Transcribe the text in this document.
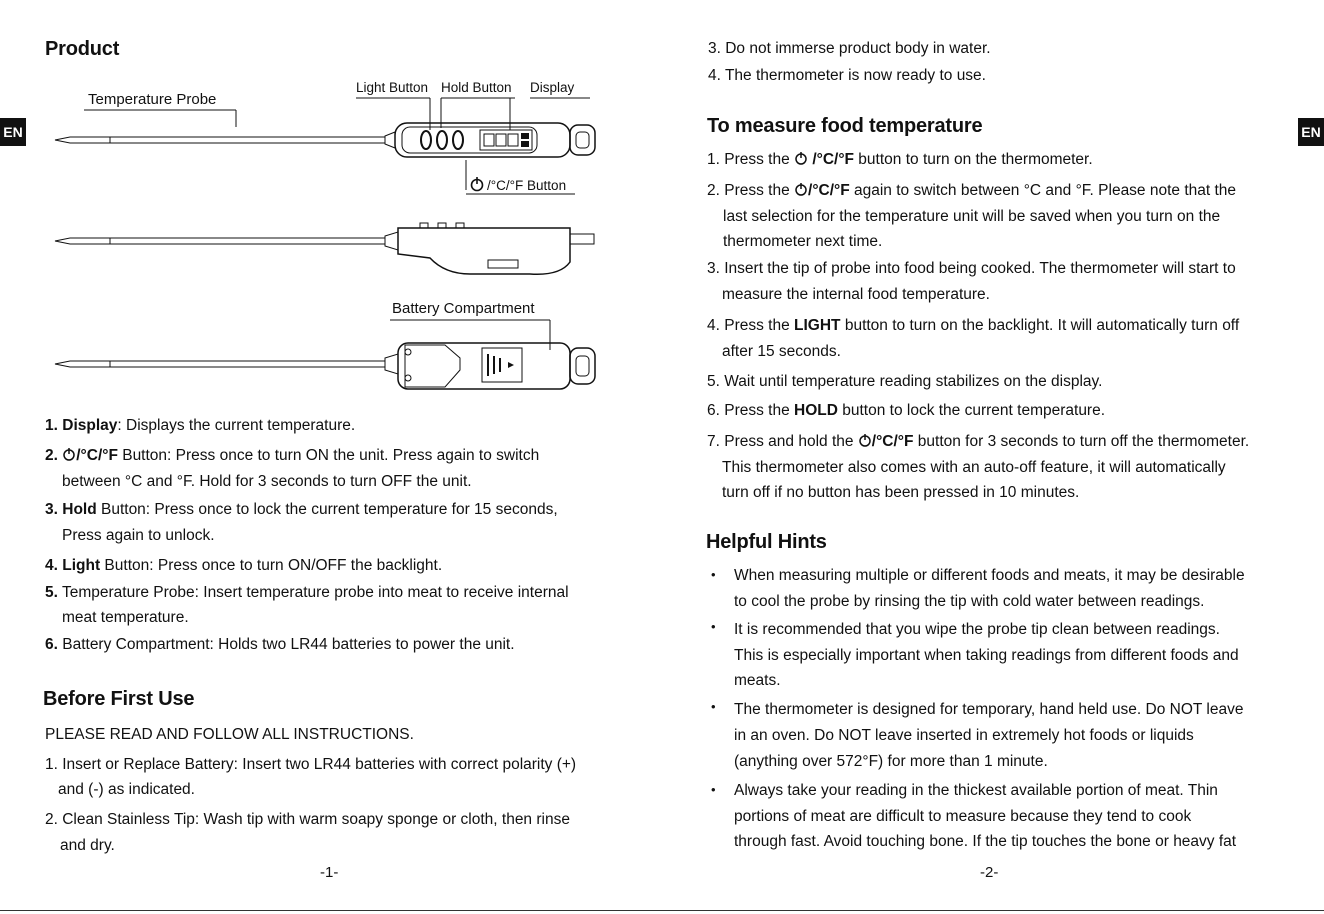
EN
Product
Temperature Probe
Light Button Hold Button Display
/°C/°F Button
Battery Compartment
1. Display: Displays the current temperature.
2. /°C/°F Button: Press once to turn ON the unit. Press again to switch
between °C and °F. Hold for 3 seconds to turn OFF the unit.
3. Hold Button: Press once to lock the current temperature for 15 seconds,
Press again to unlock.
4. Light Button: Press once to turn ON/OFF the backlight.
5. Temperature Probe: Insert temperature probe into meat to receive internal
meat temperature.
6. Battery Compartment: Holds two LR44 batteries to power the unit.
Before First Use
PLEASE READ AND FOLLOW ALL INSTRUCTIONS.
1. Insert or Replace Battery: Insert two LR44 batteries with correct polarity (+)
and (-) as indicated.
2. Clean Stainless Tip: Wash tip with warm soapy sponge or cloth, then rinse
and dry.
-1-
EN
3. Do not immerse product body in water.
4. The thermometer is now ready to use.
To measure food temperature
1. Press the  /°C/°F button to turn on the thermometer.
2. Press the /°C/°F again to switch between °C and °F. Please note that the
last selection for the temperature unit will be saved when you turn on the
thermometer next time.
3. Insert the tip of probe into food being cooked. The thermometer will start to
measure the internal food temperature.
4. Press the LIGHT button to turn on the backlight. It will automatically turn off
after 15 seconds.
5. Wait until temperature reading stabilizes on the display.
6. Press the HOLD button to lock the current temperature.
7. Press and hold the /°C/°F button for 3 seconds to turn off the thermometer.
This thermometer also comes with an auto-off feature, it will automatically
turn off if no button has been pressed in 10 minutes.
Helpful Hints
• When measuring multiple or different foods and meats, it may be desirable
to cool the probe by rinsing the tip with cold water between readings.
• It is recommended that you wipe the probe tip clean between readings.
This is especially important when taking readings from different foods and
meats.
• The thermometer is designed for temporary, hand held use. Do NOT leave
in an oven. Do NOT leave inserted in extremely hot foods or liquids
(anything over 572°F) for more than 1 minute.
• Always take your reading in the thickest available portion of meat. Thin
portions of meat are difficult to measure because they tend to cook
through fast. Avoid touching bone. If the tip touches the bone or heavy fat
-2-
